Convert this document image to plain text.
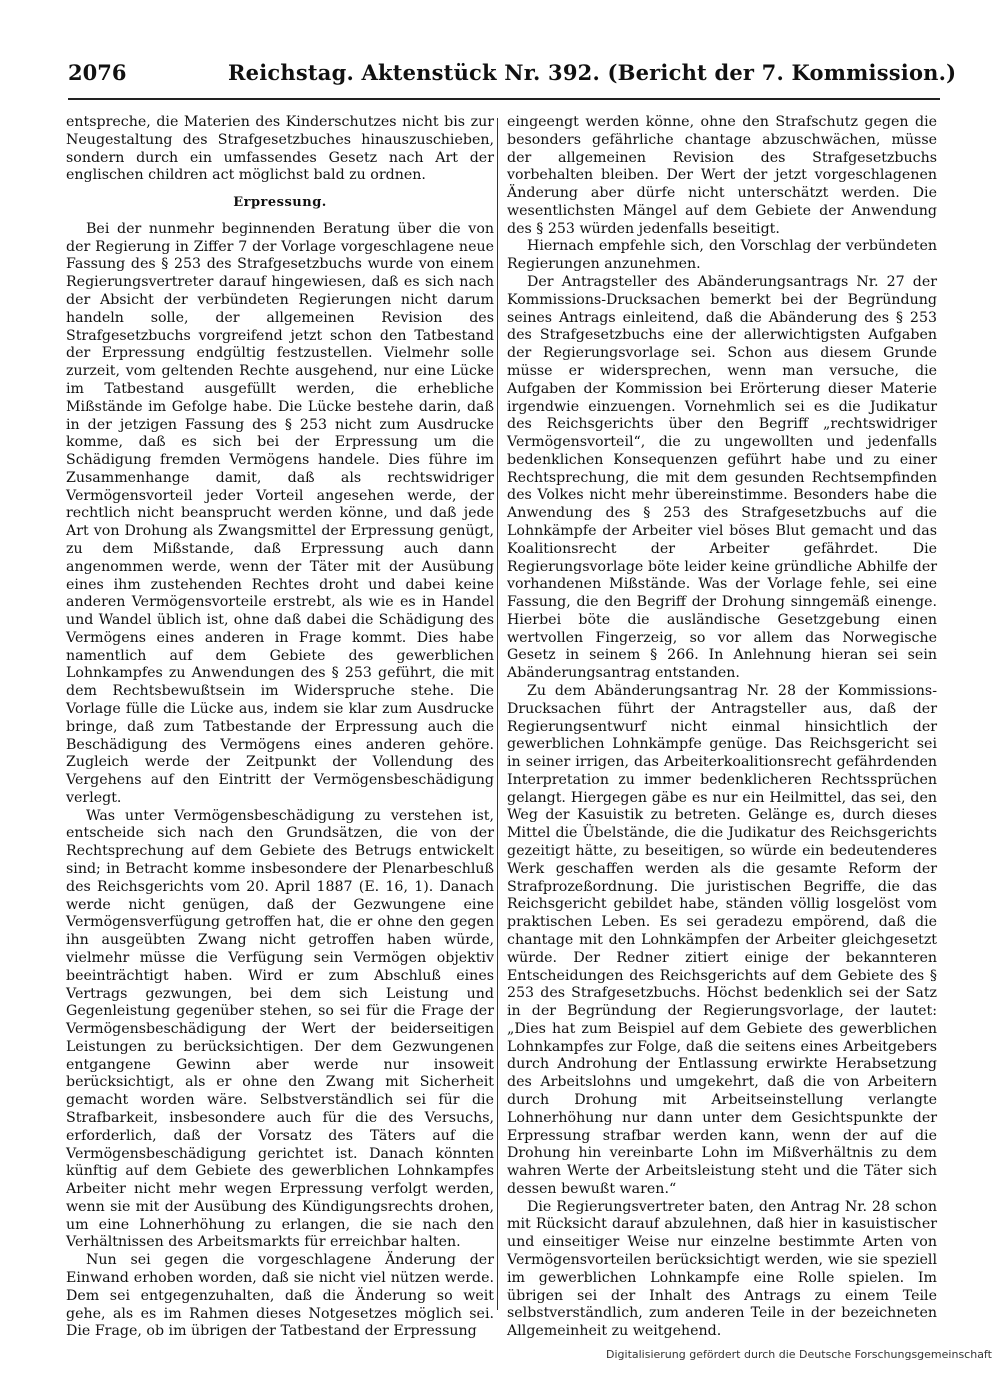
2076	Reichstag. Aktenstück Nr. 392. (Bericht der 7. Kommission.)

entspreche, die Materien des Kinderschutzes nicht bis zur Neugestaltung des Strafgesetzbuches hinauszuschieben, sondern durch ein umfassendes Gesetz nach Art der englischen children act möglichst bald zu ordnen.

Erpressung.

Bei der nunmehr beginnenden Beratung über die von der Regierung in Ziffer 7 der Vorlage vorgeschlagene neue Fassung des § 253 des Strafgesetzbuchs wurde von einem Regierungsvertreter darauf hingewiesen, daß es sich nach der Absicht der verbündeten Regierungen nicht darum handeln solle, der allgemeinen Revision des Strafgesetzbuchs vorgreifend jetzt schon den Tatbestand der Erpressung endgültig festzustellen. Vielmehr solle zurzeit, vom geltenden Rechte ausgehend, nur eine Lücke im Tatbestand ausgefüllt werden, die erhebliche Mißstände im Gefolge habe. Die Lücke bestehe darin, daß in der jetzigen Fassung des § 253 nicht zum Ausdrucke komme, daß es sich bei der Erpressung um die Schädigung fremden Vermögens handele. Dies führe im Zusammenhange damit, daß als rechtswidriger Vermögensvorteil jeder Vorteil angesehen werde, der rechtlich nicht beansprucht werden könne, und daß jede Art von Drohung als Zwangsmittel der Erpressung genügt, zu dem Mißstande, daß Erpressung auch dann angenommen werde, wenn der Täter mit der Ausübung eines ihm zustehenden Rechtes droht und dabei keine anderen Vermögensvorteile erstrebt, als wie es in Handel und Wandel üblich ist, ohne daß dabei die Schädigung des Vermögens eines anderen in Frage kommt. Dies habe namentlich auf dem Gebiete des gewerblichen Lohnkampfes zu Anwendungen des § 253 geführt, die mit dem Rechtsbewußtsein im Widerspruche stehe. Die Vorlage fülle die Lücke aus, indem sie klar zum Ausdrucke bringe, daß zum Tatbestande der Erpressung auch die Beschädigung des Vermögens eines anderen gehöre. Zugleich werde der Zeitpunkt der Vollendung des Vergehens auf den Eintritt der Vermögensbeschädigung verlegt.

Was unter Vermögensbeschädigung zu verstehen ist, entscheide sich nach den Grundsätzen, die von der Rechtsprechung auf dem Gebiete des Betrugs entwickelt sind; in Betracht komme insbesondere der Plenarbeschluß des Reichsgerichts vom 20. April 1887 (E. 16, 1). Danach werde nicht genügen, daß der Gezwungene eine Vermögensverfügung getroffen hat, die er ohne den gegen ihn ausgeübten Zwang nicht getroffen haben würde, vielmehr müsse die Verfügung sein Vermögen objektiv beeinträchtigt haben. Wird er zum Abschluß eines Vertrags gezwungen, bei dem sich Leistung und Gegenleistung gegenüber stehen, so sei für die Frage der Vermögensbeschädigung der Wert der beiderseitigen Leistungen zu berücksichtigen. Der dem Gezwungenen entgangene Gewinn aber werde nur insoweit berücksichtigt, als er ohne den Zwang mit Sicherheit gemacht worden wäre. Selbstverständlich sei für die Strafbarkeit, insbesondere auch für die des Versuchs, erforderlich, daß der Vorsatz des Täters auf die Vermögensbeschädigung gerichtet ist. Danach könnten künftig auf dem Gebiete des gewerblichen Lohnkampfes Arbeiter nicht mehr wegen Erpressung verfolgt werden, wenn sie mit der Ausübung des Kündigungsrechts drohen, um eine Lohnerhöhung zu erlangen, die sie nach den Verhältnissen des Arbeitsmarkts für erreichbar halten.

Nun sei gegen die vorgeschlagene Änderung der Einwand erhoben worden, daß sie nicht viel nützen werde. Dem sei entgegenzuhalten, daß die Änderung so weit gehe, als es im Rahmen dieses Notgesetzes möglich sei. Die Frage, ob im übrigen der Tatbestand der Erpressung

eingeengt werden könne, ohne den Strafschutz gegen die besonders gefährliche chantage abzuschwächen, müsse der allgemeinen Revision des Strafgesetzbuchs vorbehalten bleiben. Der Wert der jetzt vorgeschlagenen Änderung aber dürfe nicht unterschätzt werden. Die wesentlichsten Mängel auf dem Gebiete der Anwendung des § 253 würden jedenfalls beseitigt.

Hiernach empfehle sich, den Vorschlag der verbündeten Regierungen anzunehmen.

Der Antragsteller des Abänderungsantrags Nr. 27 der Kommissions-Drucksachen bemerkt bei der Begründung seines Antrags einleitend, daß die Abänderung des § 253 des Strafgesetzbuchs eine der allerwichtigsten Aufgaben der Regierungsvorlage sei. Schon aus diesem Grunde müsse er widersprechen, wenn man versuche, die Aufgaben der Kommission bei Erörterung dieser Materie irgendwie einzuengen. Vornehmlich sei es die Judikatur des Reichsgerichts über den Begriff „rechtswidriger Vermögensvorteil“, die zu ungewollten und jedenfalls bedenklichen Konsequenzen geführt habe und zu einer Rechtsprechung, die mit dem gesunden Rechtsempfinden des Volkes nicht mehr übereinstimme. Besonders habe die Anwendung des § 253 des Strafgesetzbuchs auf die Lohnkämpfe der Arbeiter viel böses Blut gemacht und das Koalitionsrecht der Arbeiter gefährdet. Die Regierungsvorlage böte leider keine gründliche Abhilfe der vorhandenen Mißstände. Was der Vorlage fehle, sei eine Fassung, die den Begriff der Drohung sinngemäß einenge. Hierbei böte die ausländische Gesetzgebung einen wertvollen Fingerzeig, so vor allem das Norwegische Gesetz in seinem § 266. In Anlehnung hieran sei sein Abänderungsantrag entstanden.

Zu dem Abänderungsantrag Nr. 28 der Kommissions-Drucksachen führt der Antragsteller aus, daß der Regierungsentwurf nicht einmal hinsichtlich der gewerblichen Lohnkämpfe genüge. Das Reichsgericht sei in seiner irrigen, das Arbeiterkoalitionsrecht gefährdenden Interpretation zu immer bedenklicheren Rechtssprüchen gelangt. Hiergegen gäbe es nur ein Heilmittel, das sei, den Weg der Kasuistik zu betreten. Gelänge es, durch dieses Mittel die Übelstände, die die Judikatur des Reichsgerichts gezeitigt hätte, zu beseitigen, so würde ein bedeutenderes Werk geschaffen werden als die gesamte Reform der Strafprozeßordnung. Die juristischen Begriffe, die das Reichsgericht gebildet habe, ständen völlig losgelöst vom praktischen Leben. Es sei geradezu empörend, daß die chantage mit den Lohnkämpfen der Arbeiter gleichgesetzt würde. Der Redner zitiert einige der bekannteren Entscheidungen des Reichsgerichts auf dem Gebiete des § 253 des Strafgesetzbuchs. Höchst bedenklich sei der Satz in der Begründung der Regierungsvorlage, der lautet: „Dies hat zum Beispiel auf dem Gebiete des gewerblichen Lohnkampfes zur Folge, daß die seitens eines Arbeitgebers durch Androhung der Entlassung erwirkte Herabsetzung des Arbeitslohns und umgekehrt, daß die von Arbeitern durch Drohung mit Arbeitseinstellung verlangte Lohnerhöhung nur dann unter dem Gesichtspunkte der Erpressung strafbar werden kann, wenn der auf die Drohung hin vereinbarte Lohn im Mißverhältnis zu dem wahren Werte der Arbeitsleistung steht und die Täter sich dessen bewußt waren.“

Die Regierungsvertreter baten, den Antrag Nr. 28 schon mit Rücksicht darauf abzulehnen, daß hier in kasuistischer und einseitiger Weise nur einzelne bestimmte Arten von Vermögensvorteilen berücksichtigt werden, wie sie speziell im gewerblichen Lohnkampfe eine Rolle spielen. Im übrigen sei der Inhalt des Antrags zu einem Teile selbstverständlich, zum anderen Teile in der bezeichneten Allgemeinheit zu weitgehend.

Digitalisierung gefördert durch die Deutsche Forschungsgemeinschaft
